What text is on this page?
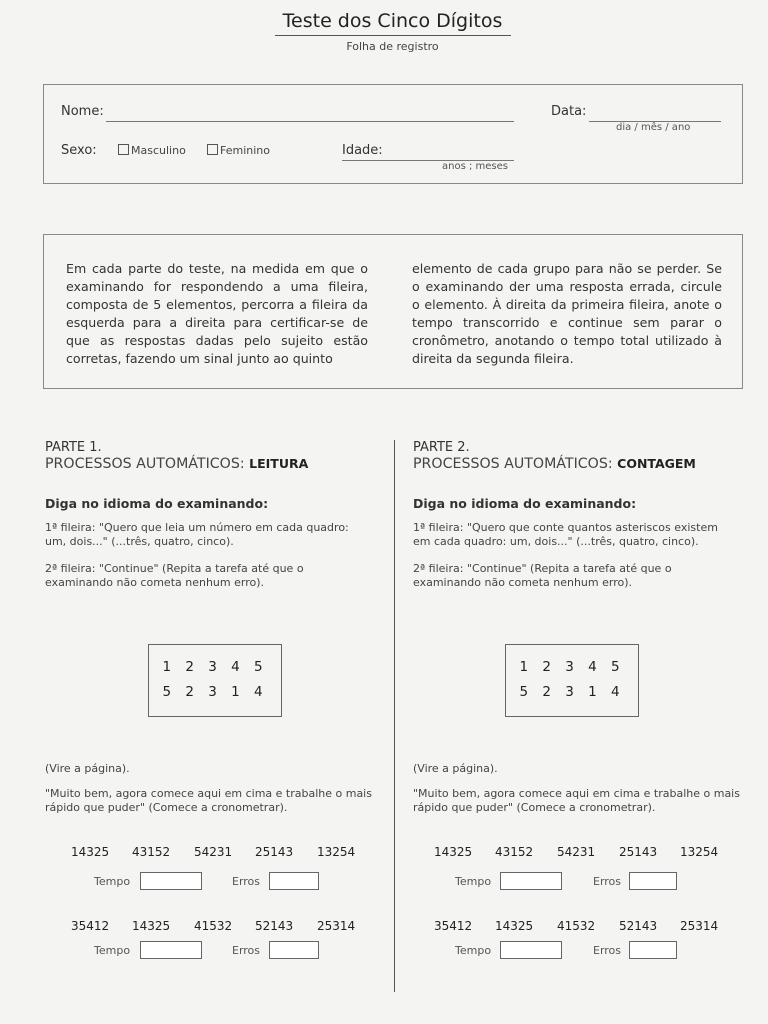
Teste dos Cinco Dígitos
Folha de registro
Nome:	Data:
dia / mês / ano
Sexo:	Masculino	Feminino	Idade:
anos ; meses
Em cada parte do teste, na medida em que o examinando for respondendo a uma fileira, composta de 5 elementos, percorra a fileira da esquerda para a direita para certificar-se de que as respostas dadas pelo sujeito estão corretas, fazendo um sinal junto ao quinto
elemento de cada grupo para não se perder. Se o examinando der uma resposta errada, circule o elemento. À direita da primeira fileira, anote o tempo transcorrido e continue sem parar o cronômetro, anotando o tempo total utilizado à direita da segunda fileira.
PARTE 1.
PROCESSOS AUTOMÁTICOS: LEITURA
Diga no idioma do examinando:
1ª fileira: "Quero que leia um número em cada quadro: um, dois..." (...três, quatro, cinco).
2ª fileira: "Continue" (Repita a tarefa até que o examinando não cometa nenhum erro).
1 2 3 4 5
5 2 3 1 4
(Vire a página).
"Muito bem, agora comece aqui em cima e trabalhe o mais rápido que puder" (Comece a cronometrar).
14325 43152 54231 25143 13254
Tempo	Erros
35412 14325 41532 52143 25314
Tempo	Erros
PARTE 2.
PROCESSOS AUTOMÁTICOS: CONTAGEM
Diga no idioma do examinando:
1ª fileira: "Quero que conte quantos asteriscos existem em cada quadro: um, dois..." (...três, quatro, cinco).
2ª fileira: "Continue" (Repita a tarefa até que o examinando não cometa nenhum erro).
1 2 3 4 5
5 2 3 1 4
(Vire a página).
"Muito bem, agora comece aqui em cima e trabalhe o mais rápido que puder" (Comece a cronometrar).
14325 43152 54231 25143 13254
Tempo	Erros
35412 14325 41532 52143 25314
Tempo	Erros
